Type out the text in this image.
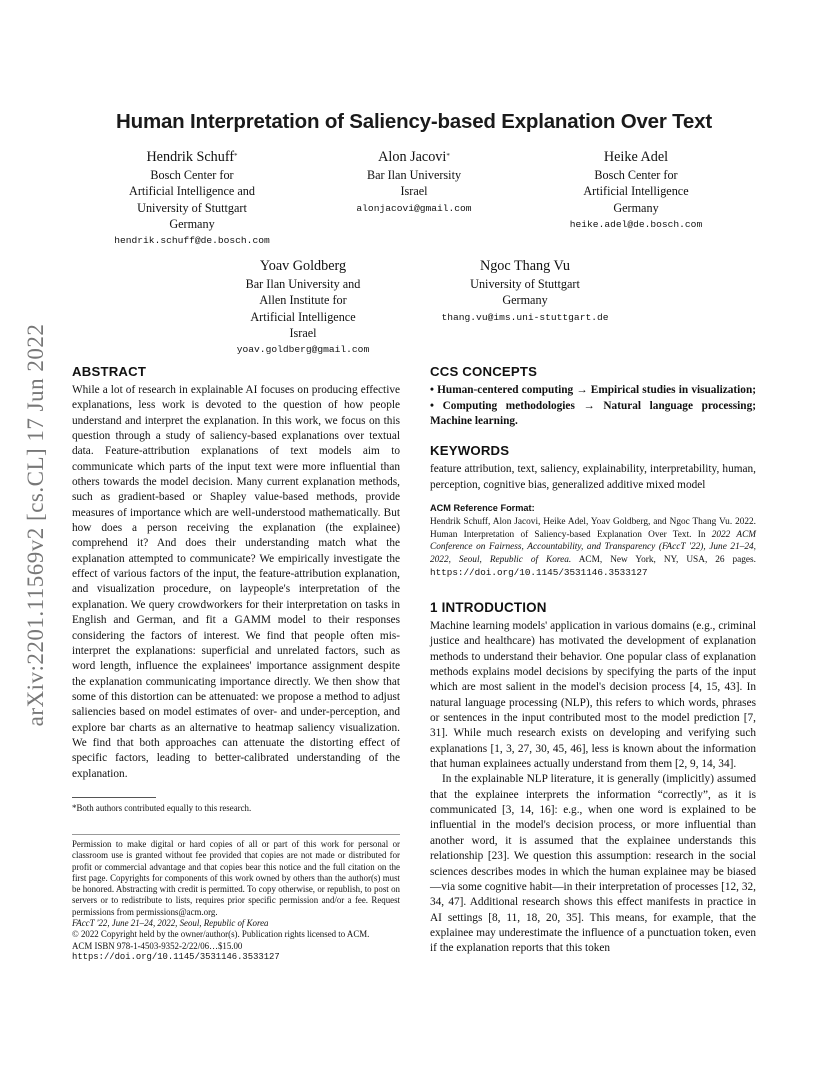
arXiv:2201.11569v2 [cs.CL] 17 Jun 2022
Human Interpretation of Saliency-based Explanation Over Text
Hendrik Schuff*
Bosch Center for
Artificial Intelligence and
University of Stuttgart
Germany
hendrik.schuff@de.bosch.com
Alon Jacovi*
Bar Ilan University
Israel
alonjacovi@gmail.com
Heike Adel
Bosch Center for
Artificial Intelligence
Germany
heike.adel@de.bosch.com
Yoav Goldberg
Bar Ilan University and
Allen Institute for
Artificial Intelligence
Israel
yoav.goldberg@gmail.com
Ngoc Thang Vu
University of Stuttgart
Germany
thang.vu@ims.uni-stuttgart.de
ABSTRACT
While a lot of research in explainable AI focuses on producing effective explanations, less work is devoted to the question of how people understand and interpret the explanation. In this work, we focus on this question through a study of saliency-based explanations over textual data. Feature-attribution explanations of text models aim to communicate which parts of the input text were more influential than others towards the model decision. Many current explanation methods, such as gradient-based or Shapley value-based methods, provide measures of importance which are well-understood mathematically. But how does a person receiving the explanation (the explainee) comprehend it? And does their understanding match what the explanation attempted to communicate? We empirically investigate the effect of various factors of the input, the feature-attribution explanation, and visualization procedure, on laypeople's interpretation of the explanation. We query crowdworkers for their interpretation on tasks in English and German, and fit a GAMM model to their responses considering the factors of interest. We find that people often mis-interpret the explanations: superficial and unrelated factors, such as word length, influence the explainees' importance assignment despite the explanation communicating importance directly. We then show that some of this distortion can be attenuated: we propose a method to adjust saliencies based on model estimates of over- and under-perception, and explore bar charts as an alternative to heatmap saliency visualization. We find that both approaches can attenuate the distorting effect of specific factors, leading to better-calibrated understanding of the explanation.
*Both authors contributed equally to this research.

Permission to make digital or hard copies of all or part of this work for personal or classroom use is granted without fee provided that copies are not made or distributed for profit or commercial advantage and that copies bear this notice and the full citation on the first page. Copyrights for components of this work owned by others than the author(s) must be honored. Abstracting with credit is permitted. To copy otherwise, or republish, to post on servers or to redistribute to lists, requires prior specific permission and/or a fee. Request permissions from permissions@acm.org.

FAccT '22, June 21–24, 2022, Seoul, Republic of Korea

© 2022 Copyright held by the owner/author(s). Publication rights licensed to ACM.

ACM ISBN 978-1-4503-9352-2/22/06…$15.00

https://doi.org/10.1145/3531146.3533127

CCS CONCEPTS
• Human-centered computing → Empirical studies in visualization; • Computing methodologies → Natural language processing; Machine learning.
KEYWORDS
feature attribution, text, saliency, explainability, interpretability, human, perception, cognitive bias, generalized additive mixed model
ACM Reference Format:
Hendrik Schuff, Alon Jacovi, Heike Adel, Yoav Goldberg, and Ngoc Thang Vu. 2022. Human Interpretation of Saliency-based Explanation Over Text. In 2022 ACM Conference on Fairness, Accountability, and Transparency (FAccT '22), June 21–24, 2022, Seoul, Republic of Korea. ACM, New York, NY, USA, 26 pages. https://doi.org/10.1145/3531146.3533127
1 INTRODUCTION

Machine learning models' application in various domains (e.g., criminal justice and healthcare) has motivated the development of explanation methods to understand their behavior. One popular class of explanation methods explains model decisions by specifying the parts of the input which are most salient in the model's decision process [4, 15, 43]. In natural language processing (NLP), this refers to which words, phrases or sentences in the input contributed most to the model prediction [7, 31]. While much research exists on developing and verifying such explanations [1, 3, 27, 30, 45, 46], less is known about the information that human explainees actually understand from them [2, 9, 14, 34].

In the explainable NLP literature, it is generally (implicitly) assumed that the explainee interprets the information “correctly”, as it is communicated [3, 14, 16]: e.g., when one word is explained to be influential in the model's decision process, or more influential than another word, it is assumed that the explainee understands this relationship [23]. We question this assumption: research in the social sciences describes modes in which the human explainee may be biased—via some cognitive habit—in their interpretation of processes [12, 32, 34, 47]. Additional research shows this effect manifests in practice in AI settings [8, 11, 18, 20, 35]. This means, for example, that the explainee may underestimate the influence of a punctuation token, even if the explanation reports that this token
